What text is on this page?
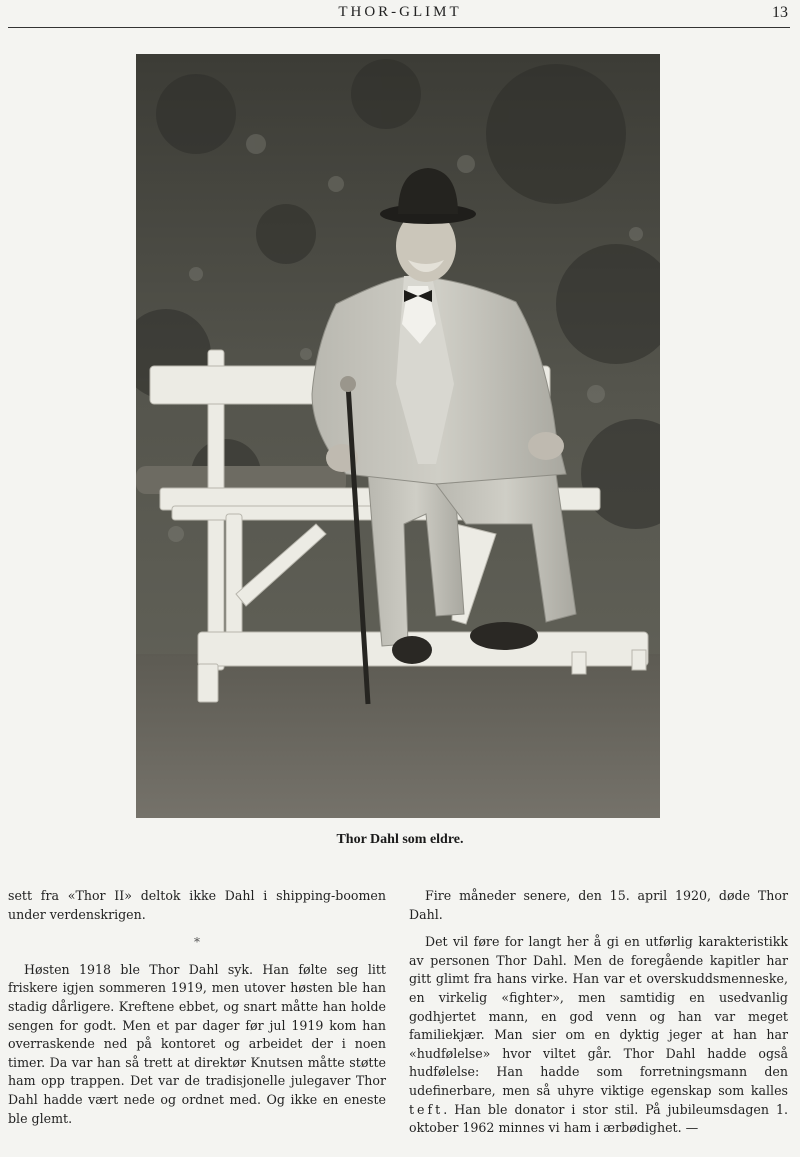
THOR-GLIMT	13
Thor Dahl som eldre.

sett fra «Thor II» deltok ikke Dahl i shipping-boomen under verdenskrigen.

*

Høsten 1918 ble Thor Dahl syk. Han følte seg litt friskere igjen sommeren 1919, men utover høsten ble han stadig dårligere. Kreftene ebbet, og snart måtte han holde sengen for godt. Men et par dager før jul 1919 kom han overraskende ned på kontoret og arbeidet der i noen timer. Da var han så trett at direktør Knutsen måtte støtte ham opp trappen. Det var de tradisjonelle julegaver Thor Dahl hadde vært nede og ordnet med. Og ikke en eneste ble glemt.

Fire måneder senere, den 15. april 1920, døde Thor Dahl.

Det vil føre for langt her å gi en utførlig karakteristikk av personen Thor Dahl. Men de foregående kapitler har gitt glimt fra hans virke. Han var et overskuddsmenneske, en virkelig «fighter», men samtidig en usedvanlig godhjertet mann, en god venn og han var meget familiekjær. Man sier om en dyktig jeger at han har «hudfølelse» hvor viltet går. Thor Dahl hadde også hudfølelse: Han hadde som forretningsmann den udefinerbare, men så uhyre viktige egenskap som kalles teft. Han ble donator i stor stil. På jubileumsdagen 1. oktober 1962 minnes vi ham i ærbødighet. —
